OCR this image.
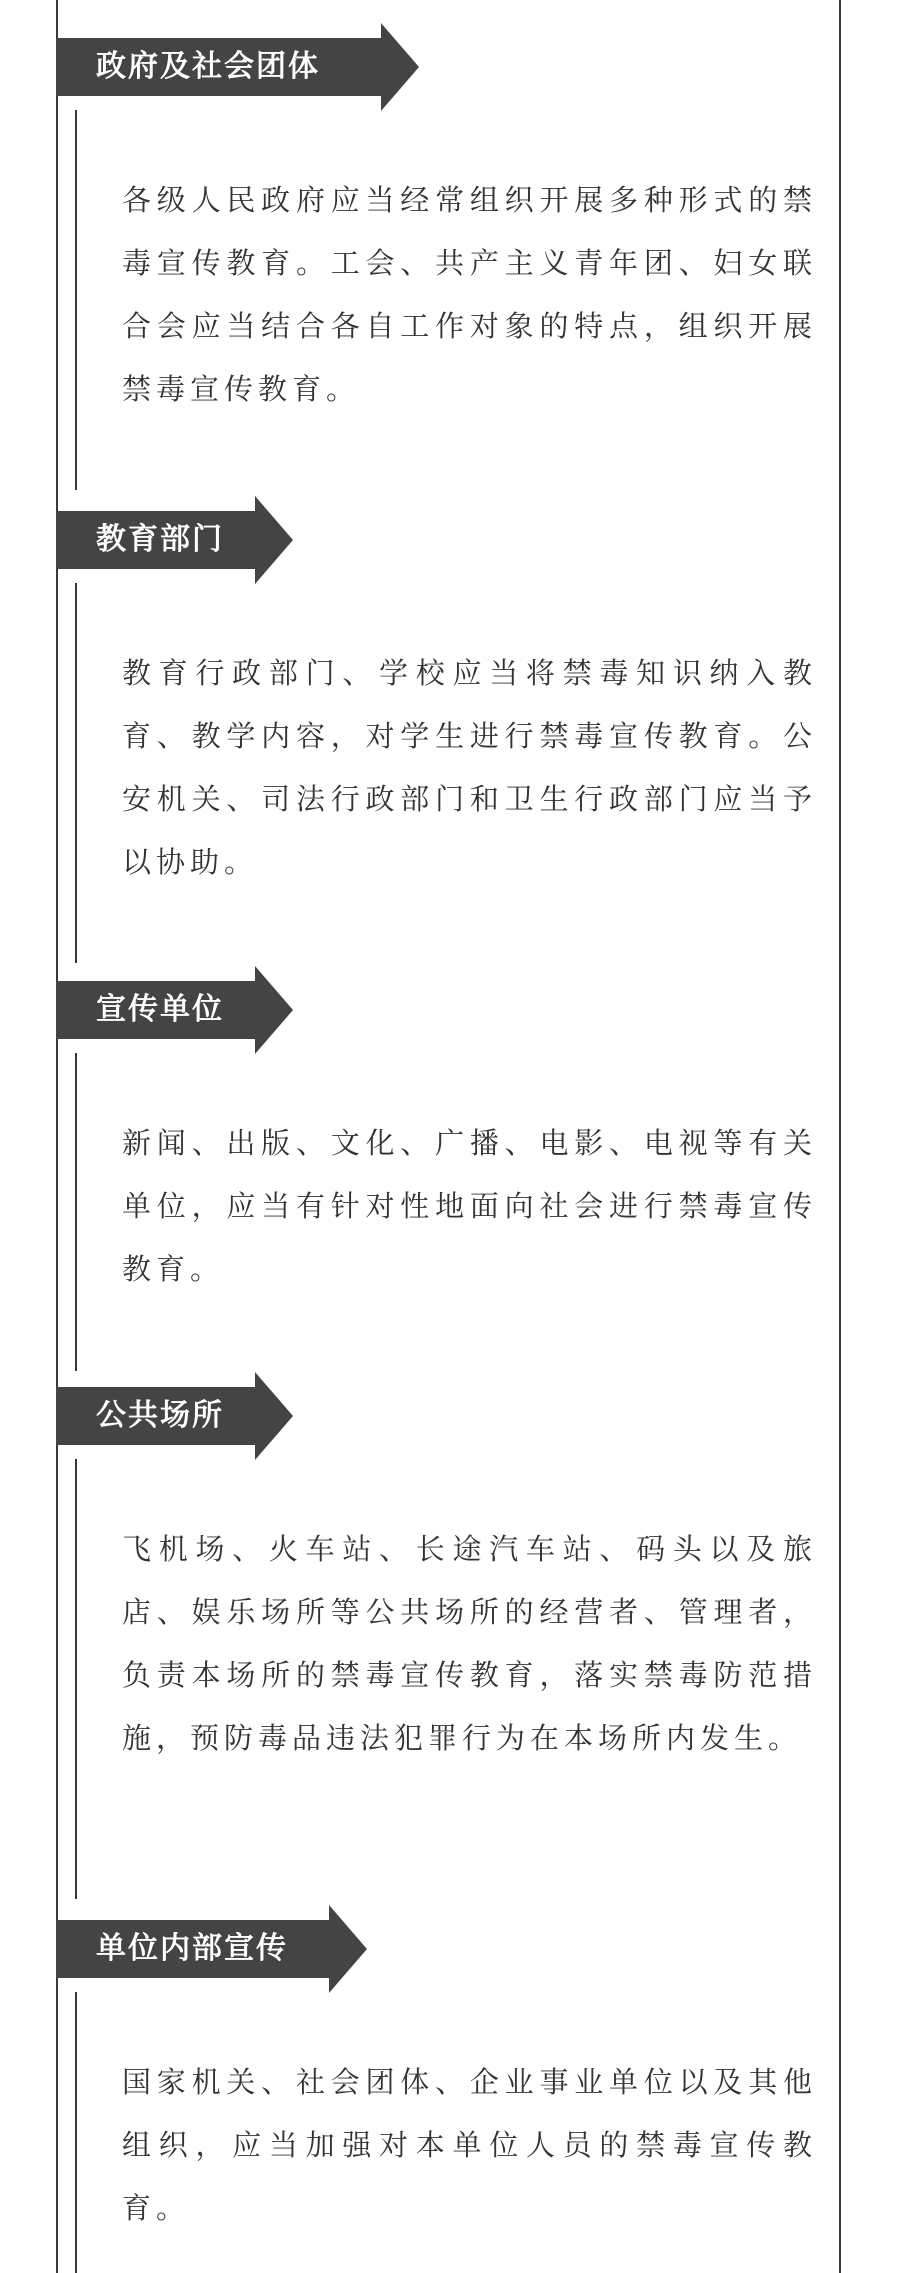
政府及社会团体
各级人民政府应当经常组织开展多种形式的禁毒宣传教育。工会、共产主义青年团、妇女联合会应当结合各自工作对象的特点，组织开展禁毒宣传教育。
教育部门
教育行政部门、学校应当将禁毒知识纳入教育、教学内容，对学生进行禁毒宣传教育。公安机关、司法行政部门和卫生行政部门应当予以协助。
宣传单位
新闻、出版、文化、广播、电影、电视等有关单位，应当有针对性地面向社会进行禁毒宣传教育。
公共场所
飞机场、火车站、长途汽车站、码头以及旅店、娱乐场所等公共场所的经营者、管理者，负责本场所的禁毒宣传教育，落实禁毒防范措施，预防毒品违法犯罪行为在本场所内发生。
单位内部宣传
国家机关、社会团体、企业事业单位以及其他组织，应当加强对本单位人员的禁毒宣传教育。
